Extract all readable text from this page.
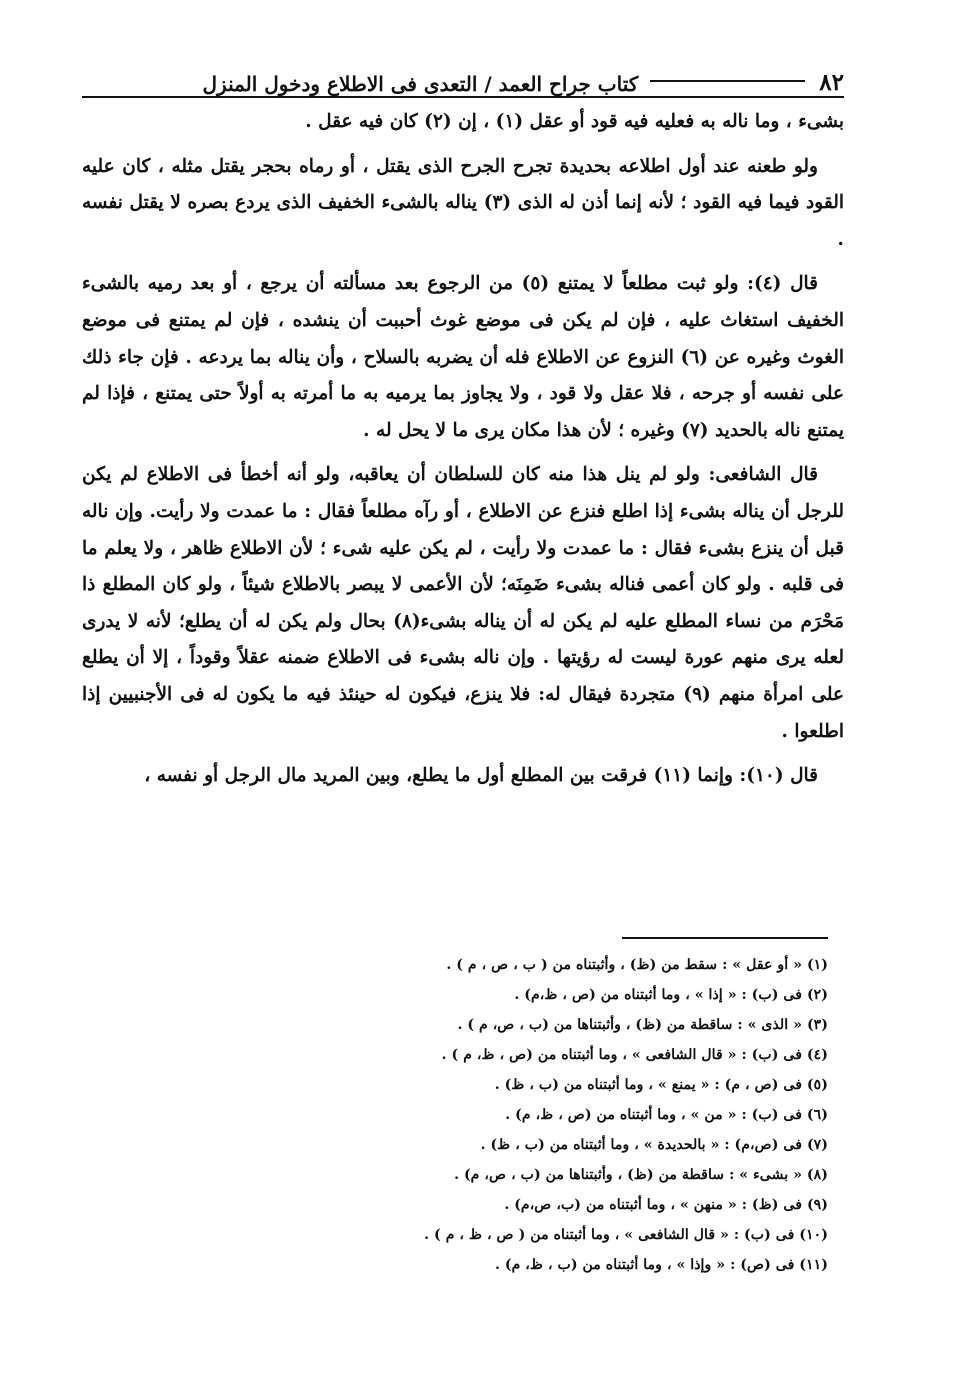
٨٢
كتاب جراح العمد / التعدى فى الاطلاع ودخول المنزل

بشىء ، وما ناله به فعليه فيه قود أو عقل (١) ، إن (٢) كان فيه عقل .

ولو طعنه عند أول اطلاعه بحديدة تجرح الجرح الذى يقتل ، أو رماه بحجر يقتل مثله ، كان عليه القود فيما فيه القود ؛ لأنه إنما أذن له الذى (٣) يناله بالشىء الخفيف الذى يردع بصره لا يقتل نفسه .

قال (٤): ولو ثبت مطلعاً لا يمتنع (٥) من الرجوع بعد مسألته أن يرجع ، أو بعد رميه بالشىء الخفيف استغاث عليه ، فإن لم يكن فى موضع غوث أحببت أن ينشده ، فإن لم يمتنع فى موضع الغوث وغيره عن (٦) النزوع عن الاطلاع فله أن يضربه بالسلاح ، وأن يناله بما يردعه . فإن جاء ذلك على نفسه أو جرحه ، فلا عقل ولا قود ، ولا يجاوز بما يرميه به ما أمرته به أولاً حتى يمتنع ، فإذا لم يمتنع ناله بالحديد (٧) وغيره ؛ لأن هذا مكان يرى ما لا يحل له .

قال الشافعى: ولو لم ينل هذا منه كان للسلطان أن يعاقبه، ولو أنه أخطأ فى الاطلاع لم يكن للرجل أن يناله بشىء إذا اطلع فنزع عن الاطلاع ، أو رآه مطلعاً فقال : ما عمدت ولا رأيت. وإن ناله قبل أن ينزع بشىء فقال : ما عمدت ولا رأيت ، لم يكن عليه شىء ؛ لأن الاطلاع ظاهر ، ولا يعلم ما فى قلبه . ولو كان أعمى فناله بشىء ضَمِنَه؛ لأن الأعمى لا يبصر بالاطلاع شيئاً ، ولو كان المطلع ذا مَحْرَم من نساء المطلع عليه لم يكن له أن يناله بشىء(٨) بحال ولم يكن له أن يطلع؛ لأنه لا يدرى لعله يرى منهم عورة ليست له رؤيتها . وإن ناله بشىء فى الاطلاع ضمنه عقلاً وقوداً ، إلا أن يطلع على امرأة منهم (٩) متجردة فيقال له: فلا ينزع، فيكون له حينئذ فيه ما يكون له فى الأجنبيين إذا اطلعوا .

قال (١٠): وإنما (١١) فرقت بين المطلع أول ما يطلع، وبين المريد مال الرجل أو نفسه ،

(١) « أو عقل » : سقط من (ظ) ، وأثبتناه من ( ب ، ص ، م ) .
(٢) فى (ب) : « إذا » ، وما أثبتناه من (ص ، ظ،م) .
(٣) « الذى » : ساقطة من (ظ) ، وأثبتناها من (ب ، ص، م ) .
(٤) فى (ب) : « قال الشافعى » ، وما أثبتناه من (ص ، ظ، م ) .
(٥) فى (ص ، م) : « يمنع » ، وما أثبتناه من (ب ، ظ) .
(٦) فى (ب) : « من » ، وما أثبتناه من (ص ، ظ، م) .
(٧) فى (ص،م) : « بالحديدة » ، وما أثبتناه من (ب ، ظ) .
(٨) « بشىء » : ساقطة من (ظ) ، وأثبتناها من (ب ، ص، م) .
(٩) فى (ظ) : « منهن » ، وما أثبتناه من (ب، ص،م) .
(١٠) فى (ب) : « قال الشافعى » ، وما أثبتناه من ( ص ، ظ ، م ) .
(١١) فى (ص) : « وإذا » ، وما أثبتناه من (ب ، ظ، م) .
